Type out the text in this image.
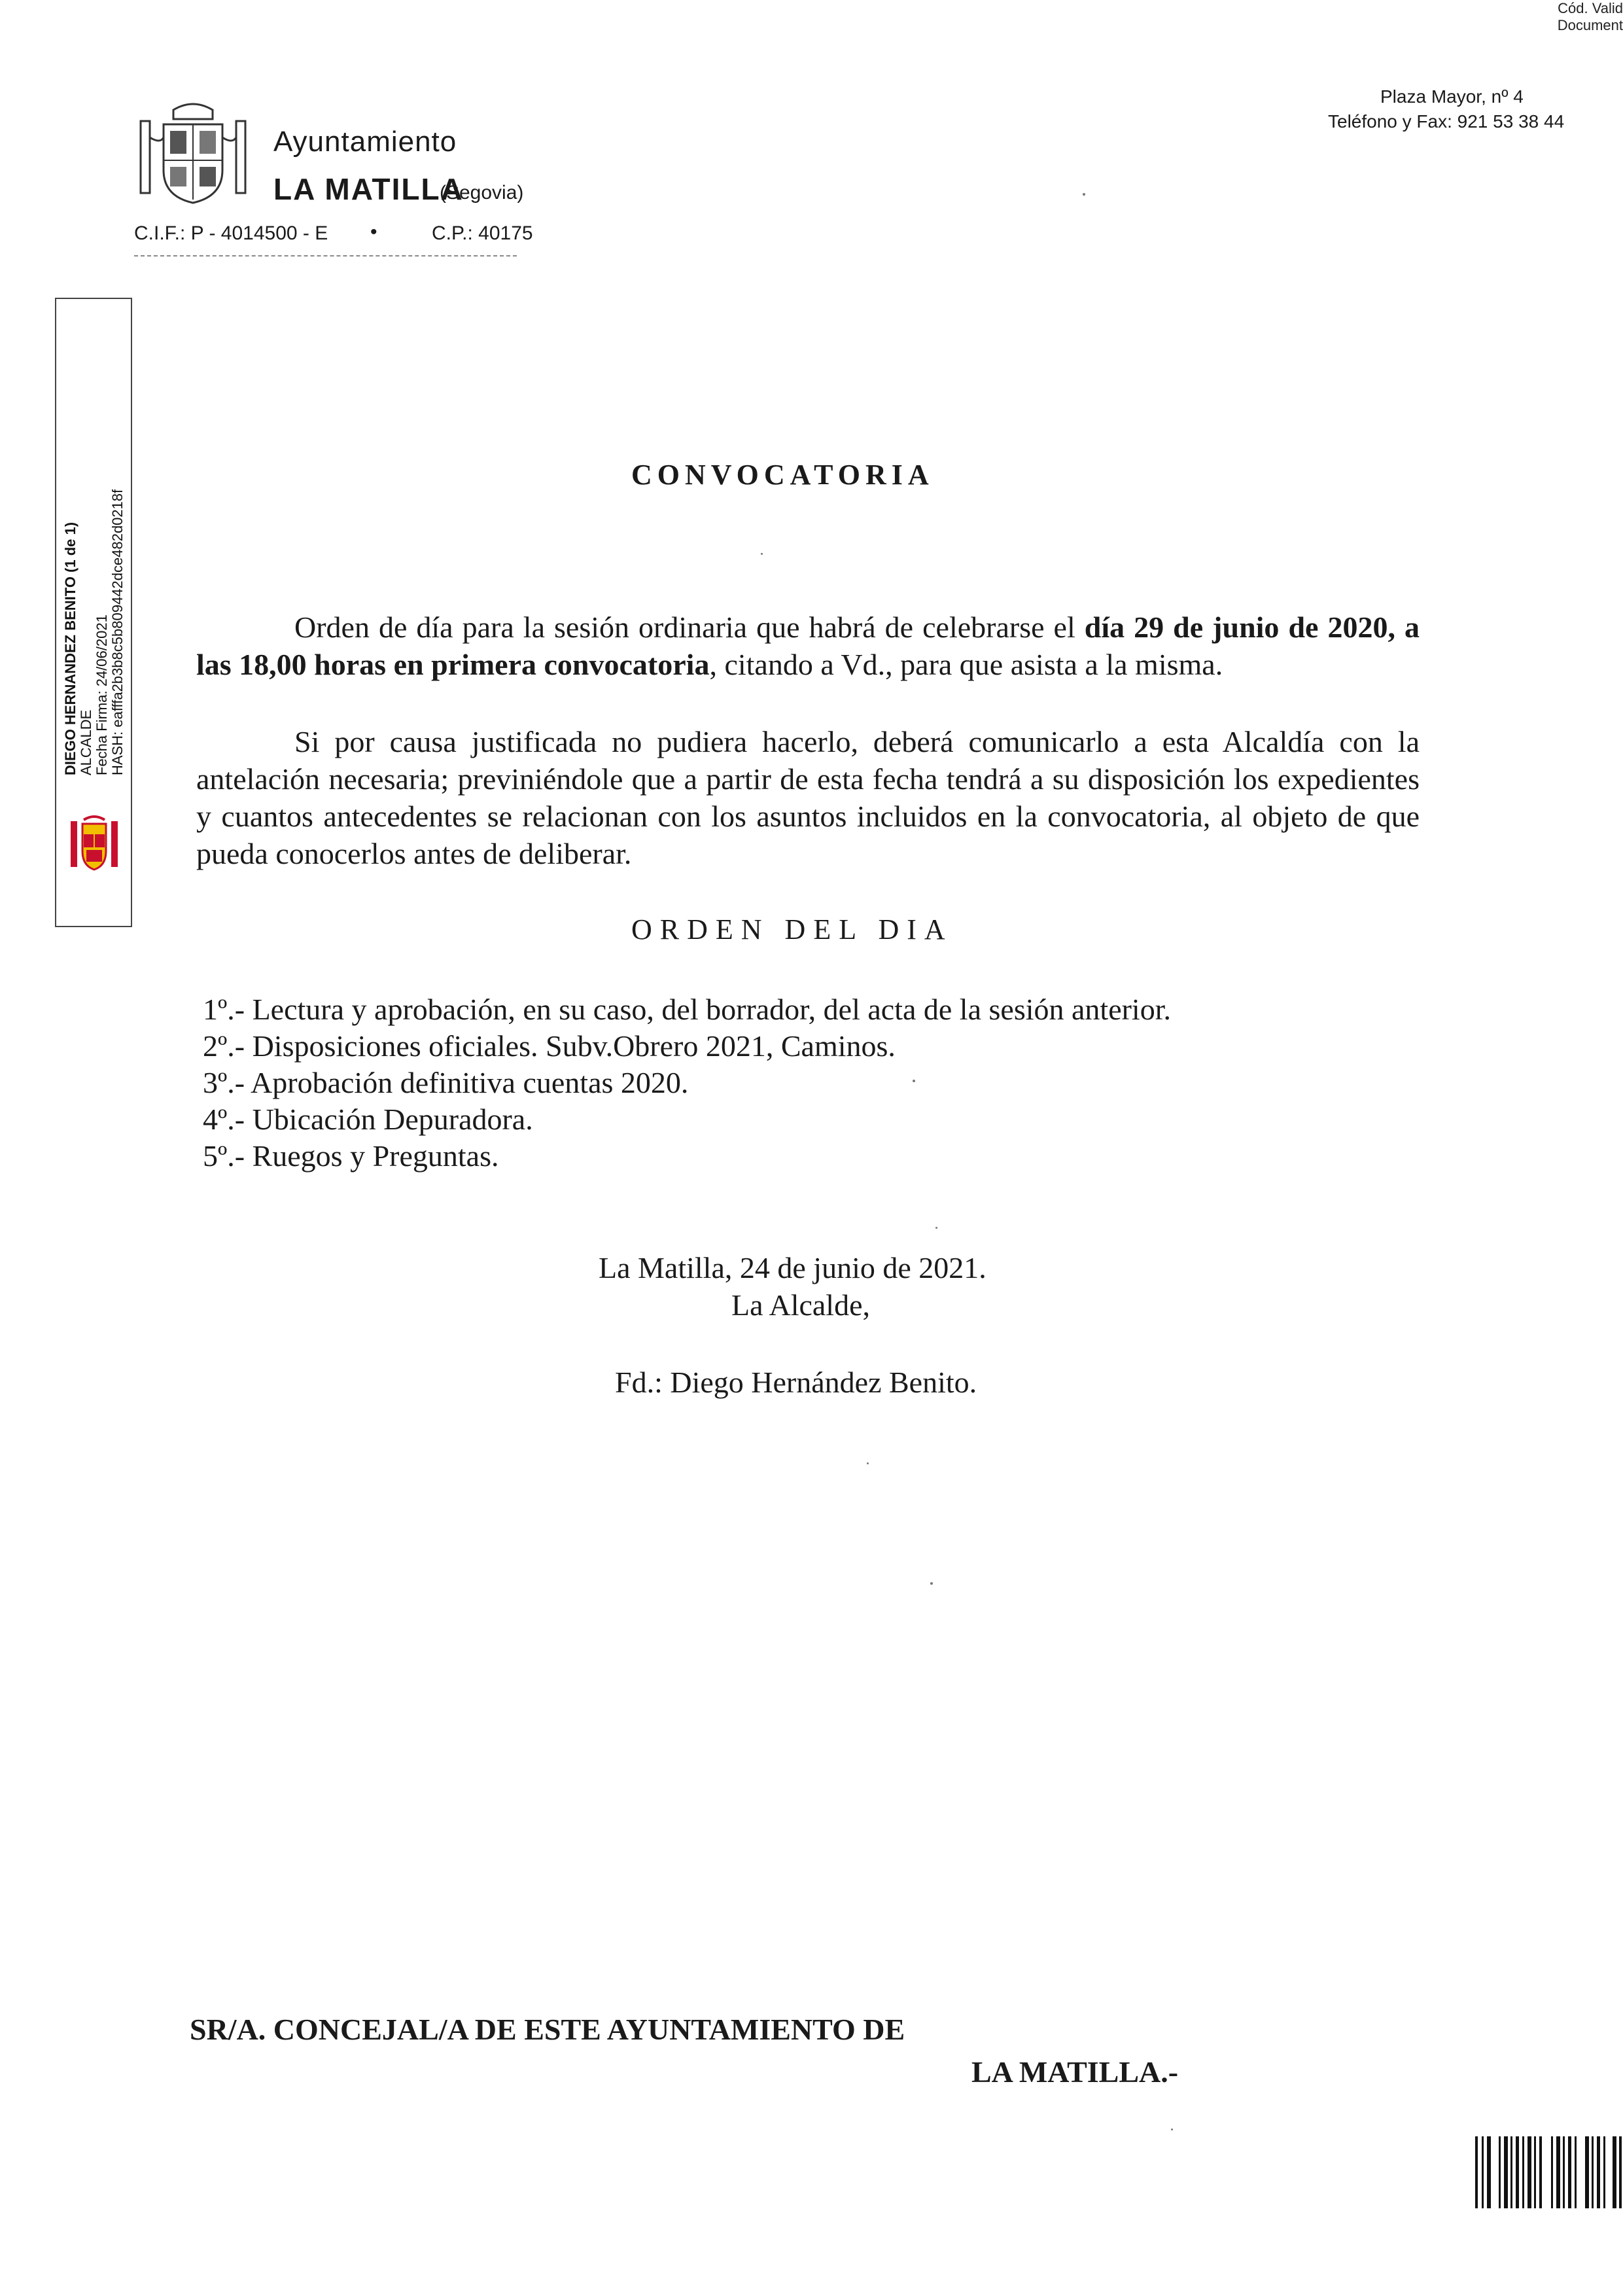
Cód. Valid
Document
Ayuntamiento
LA MATILLA
(Segovia)
C.I.F.: P - 4014500 - E •	C.P.: 40175
Plaza Mayor, nº 4
Teléfono y Fax: 921 53 38 44
DIEGO HERNANDEZ BENITO (1 de 1) ALCALDE Fecha Firma: 24/06/2021 HASH: eafffa2b3b8c5b809442dce482d0218f
CONVOCATORIA
Orden de día para la sesión ordinaria que habrá de celebrarse el día 29 de junio de 2020, a las 18,00 horas en primera convocatoria, citando a Vd., para que asista a la misma.
Si por causa justificada no pudiera hacerlo, deberá comunicarlo a esta Alcaldía con la antelación necesaria; previniéndole que a partir de esta fecha tendrá a su disposición los expedientes y cuantos antecedentes se relacionan con los asuntos incluidos en la convocatoria, al objeto de que pueda conocerlos antes de deliberar.
ORDEN DEL DIA
1º.- Lectura y aprobación, en su caso, del borrador, del acta de la sesión anterior.
2º.- Disposiciones oficiales. Subv.Obrero 2021, Caminos.
3º.- Aprobación definitiva cuentas 2020.
4º.- Ubicación Depuradora.
5º.- Ruegos y Preguntas.
La Matilla, 24 de junio de 2021.
La Alcalde,
Fd.: Diego Hernández Benito.
SR/A. CONCEJAL/A DE ESTE AYUNTAMIENTO DE
LA MATILLA.-
